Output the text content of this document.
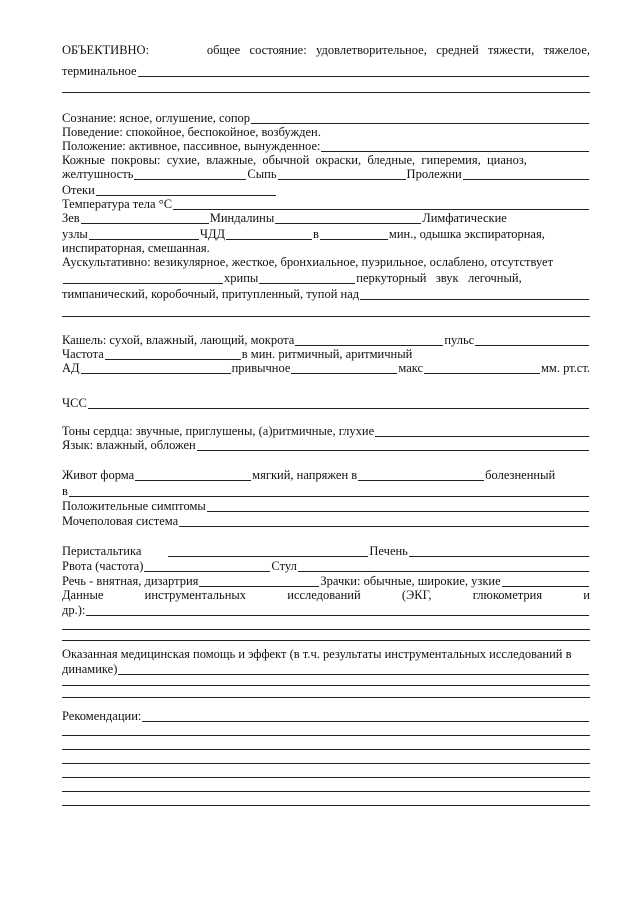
ОБЪЕКТИВНО:	общее   состояние:   удовлетворительное,   средней   тяжести,   тяжелое,
терминальное
Сознание: ясное, оглушение, сопор
Поведение: спокойное, беспокойное, возбужден.
Положение: активное, пассивное, вынужденное:
Кожные  покровы:  сухие,  влажные,  обычной  окраски,  бледные,  гиперемия,  цианоз,
желтушность	Сыпь	Пролежни
Отеки
Температура тела °С
Зев	Миндалины	Лимфатические
узлы	ЧДД	в	мин., одышка экспираторная,
инспираторная, смешанная.
Аускультативно: везикулярное, жесткое, бронхиальное, пуэрильное, ослаблено, отсутствует
хрипы	перкуторный   звук   легочный,
тимпанический, коробочный, притупленный, тупой над
Кашель: сухой, влажный, лающий, мокрота	пульс
Частота	в мин. ритмичный, аритмичный
АД	привычное	макс	мм. рт.ст.
ЧСС
Тоны сердца: звучные, приглушены, (а)ритмичные, глухие
Язык: влажный, обложен
Живот форма	мягкий, напряжен в	болезненный
в
Положительные симптомы
Мочеполовая система
Перистальтика	Печень
Рвота (частота)	Стул
Речь - внятная, дизартрия	Зрачки: обычные, широкие, узкие
Данные	инструментальных	исследований	(ЭКГ,	глюкометрия	и
др.):
Оказанная медицинская помощь и эффект (в т.ч. результаты инструментальных исследований в
динамике)
Рекомендации:
